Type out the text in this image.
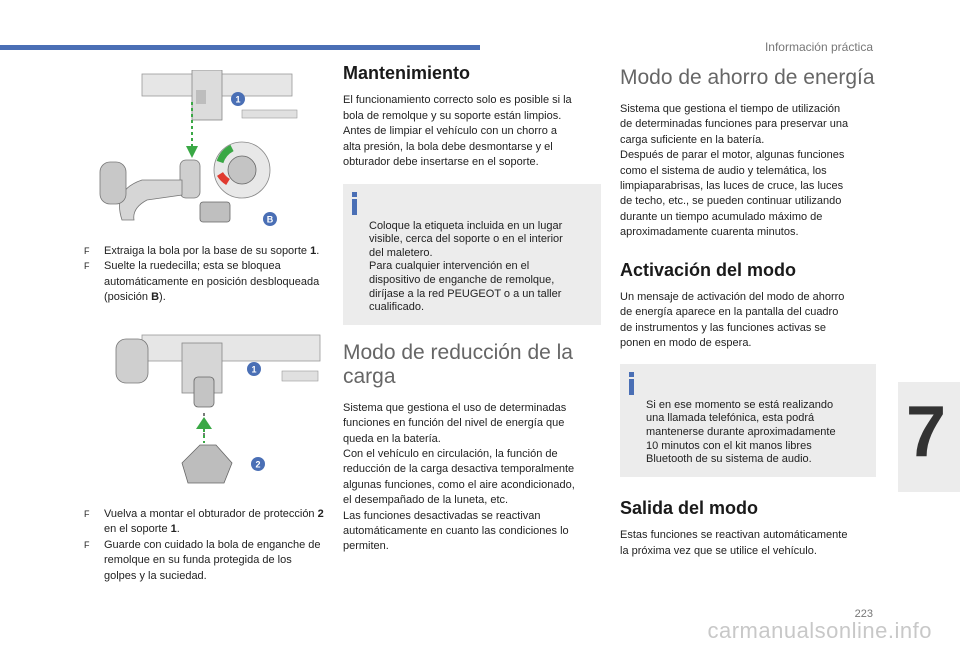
Información práctica
1
B
F Extraiga la bola por la base de su soporte 1.
F Suelte la ruedecilla; esta se bloquea automáticamente en posición desbloqueada (posición B).
1
2
F Vuelva a montar el obturador de protección 2 en el soporte 1.
F Guarde con cuidado la bola de enganche de remolque en su funda protegida de los golpes y la suciedad.
Mantenimiento

El funcionamiento correcto solo es posible si la
bola de remolque y su soporte están limpios.
Antes de limpiar el vehículo con un chorro a
alta presión, la bola debe desmontarse y el
obturador debe insertarse en el soporte.

Coloque la etiqueta incluida en un lugar
visible, cerca del soporte o en el interior
del maletero.
Para cualquier intervención en el
dispositivo de enganche de remolque,
diríjase a la red PEUGEOT o a un taller
cualificado.

Modo de reducción de la carga

Sistema que gestiona el uso de determinadas
funciones en función del nivel de energía que
queda en la batería.
Con el vehículo en circulación, la función de
reducción de la carga desactiva temporalmente
algunas funciones, como el aire acondicionado,
el desempañado de la luneta, etc.
Las funciones desactivadas se reactivan
automáticamente en cuanto las condiciones lo
permiten.

Modo de ahorro de energía

Sistema que gestiona el tiempo de utilización
de determinadas funciones para preservar una
carga suficiente en la batería.
Después de parar el motor, algunas funciones
como el sistema de audio y telemática, los
limpiaparabrisas, las luces de cruce, las luces
de techo, etc., se pueden continuar utilizando
durante un tiempo acumulado máximo de
aproximadamente cuarenta minutos.

Activación del modo

Un mensaje de activación del modo de ahorro
de energía aparece en la pantalla del cuadro
de instrumentos y las funciones activas se
ponen en modo de espera.

Si en ese momento se está realizando
una llamada telefónica, esta podrá
mantenerse durante aproximadamente
10 minutos con el kit manos libres
Bluetooth de su sistema de audio.

Salida del modo

Estas funciones se reactivan automáticamente
la próxima vez que se utilice el vehículo.

7
223
carmanualsonline.info
